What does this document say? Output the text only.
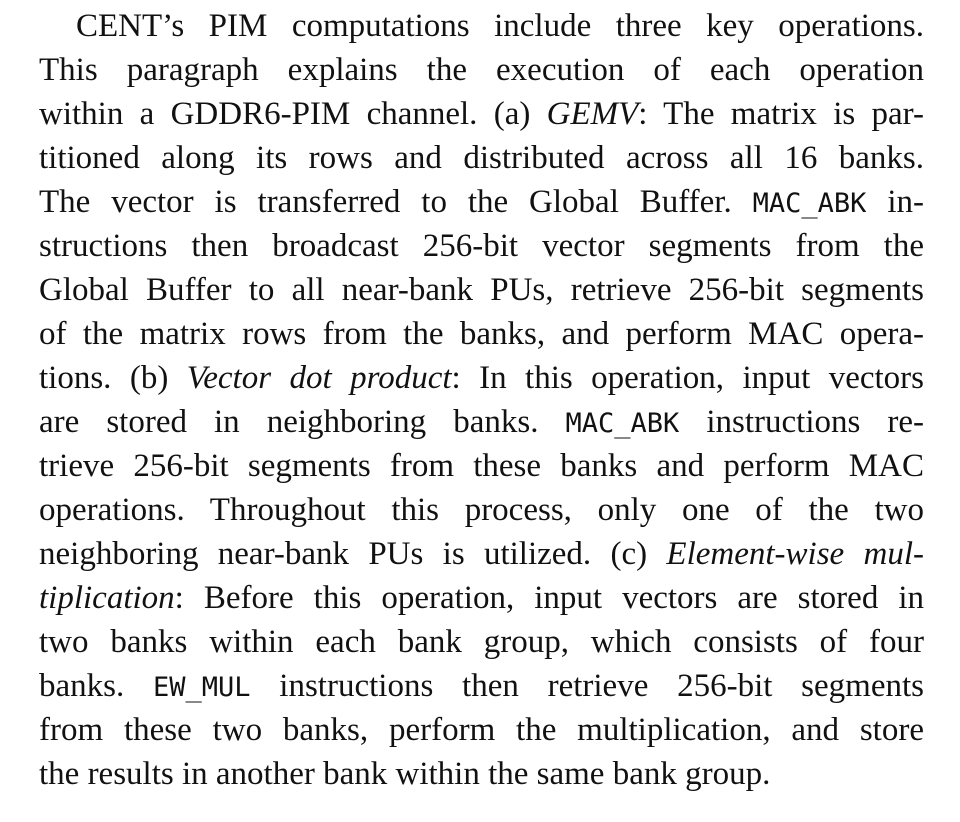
CENT’s PIM computations include three key operations.
This paragraph explains the execution of each operation
within a GDDR6-PIM channel. (a) GEMV: The matrix is par-
titioned along its rows and distributed across all 16 banks.
The vector is transferred to the Global Buffer. MAC_ABK in-
structions then broadcast 256-bit vector segments from the
Global Buffer to all near-bank PUs, retrieve 256-bit segments
of the matrix rows from the banks, and perform MAC opera-
tions. (b) Vector dot product: In this operation, input vectors
are stored in neighboring banks. MAC_ABK instructions re-
trieve 256-bit segments from these banks and perform MAC
operations. Throughout this process, only one of the two
neighboring near-bank PUs is utilized. (c) Element-wise mul-
tiplication: Before this operation, input vectors are stored in
two banks within each bank group, which consists of four
banks. EW_MUL instructions then retrieve 256-bit segments
from these two banks, perform the multiplication, and store
the results in another bank within the same bank group.
